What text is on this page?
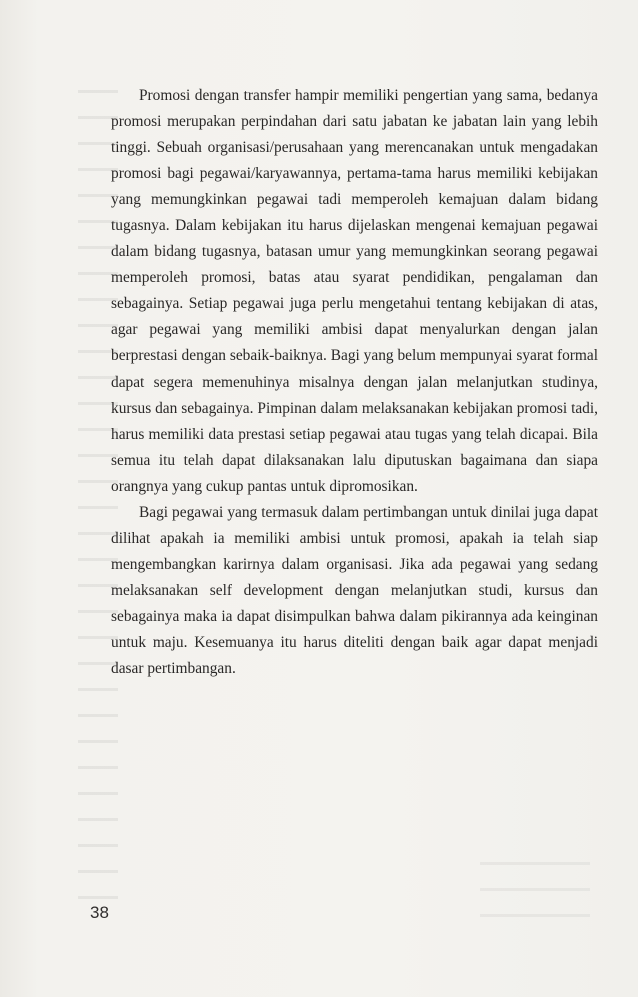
Promosi dengan transfer hampir memiliki pengertian yang sama, bedanya promosi merupakan perpindahan dari satu jabatan ke jabatan lain yang lebih tinggi. Sebuah organisasi/perusahaan yang merencanakan untuk mengadakan promosi bagi pegawai/karyawannya, pertama-tama harus memiliki kebijakan yang memungkinkan pegawai tadi memperoleh kemajuan dalam bidang tugasnya. Dalam kebijakan itu harus dijelaskan mengenai kemajuan pegawai dalam bidang tugasnya, batasan umur yang memungkinkan seorang pegawai memperoleh promosi, batas atau syarat pendidikan, pengalaman dan sebagainya. Setiap pegawai juga perlu mengetahui tentang kebijakan di atas, agar pegawai yang memiliki ambisi dapat menyalurkan dengan jalan berprestasi dengan sebaik-baiknya. Bagi yang belum mempunyai syarat formal dapat segera memenuhinya misalnya dengan jalan melanjutkan studinya, kursus dan sebagainya. Pimpinan dalam melaksanakan kebijakan promosi tadi, harus memiliki data prestasi setiap pegawai atau tugas yang telah dicapai. Bila semua itu telah dapat dilaksanakan lalu diputuskan bagaimana dan siapa orangnya yang cukup pantas untuk dipromosikan.

Bagi pegawai yang termasuk dalam pertimbangan untuk dinilai juga dapat dilihat apakah ia memiliki ambisi untuk promosi, apakah ia telah siap mengembangkan karirnya dalam organisasi. Jika ada pegawai yang sedang melaksanakan self development dengan melanjutkan studi, kursus dan sebagainya maka ia dapat disimpulkan bahwa dalam pikirannya ada keinginan untuk maju. Kesemuanya itu harus diteliti dengan baik agar dapat menjadi dasar pertimbangan.

38
